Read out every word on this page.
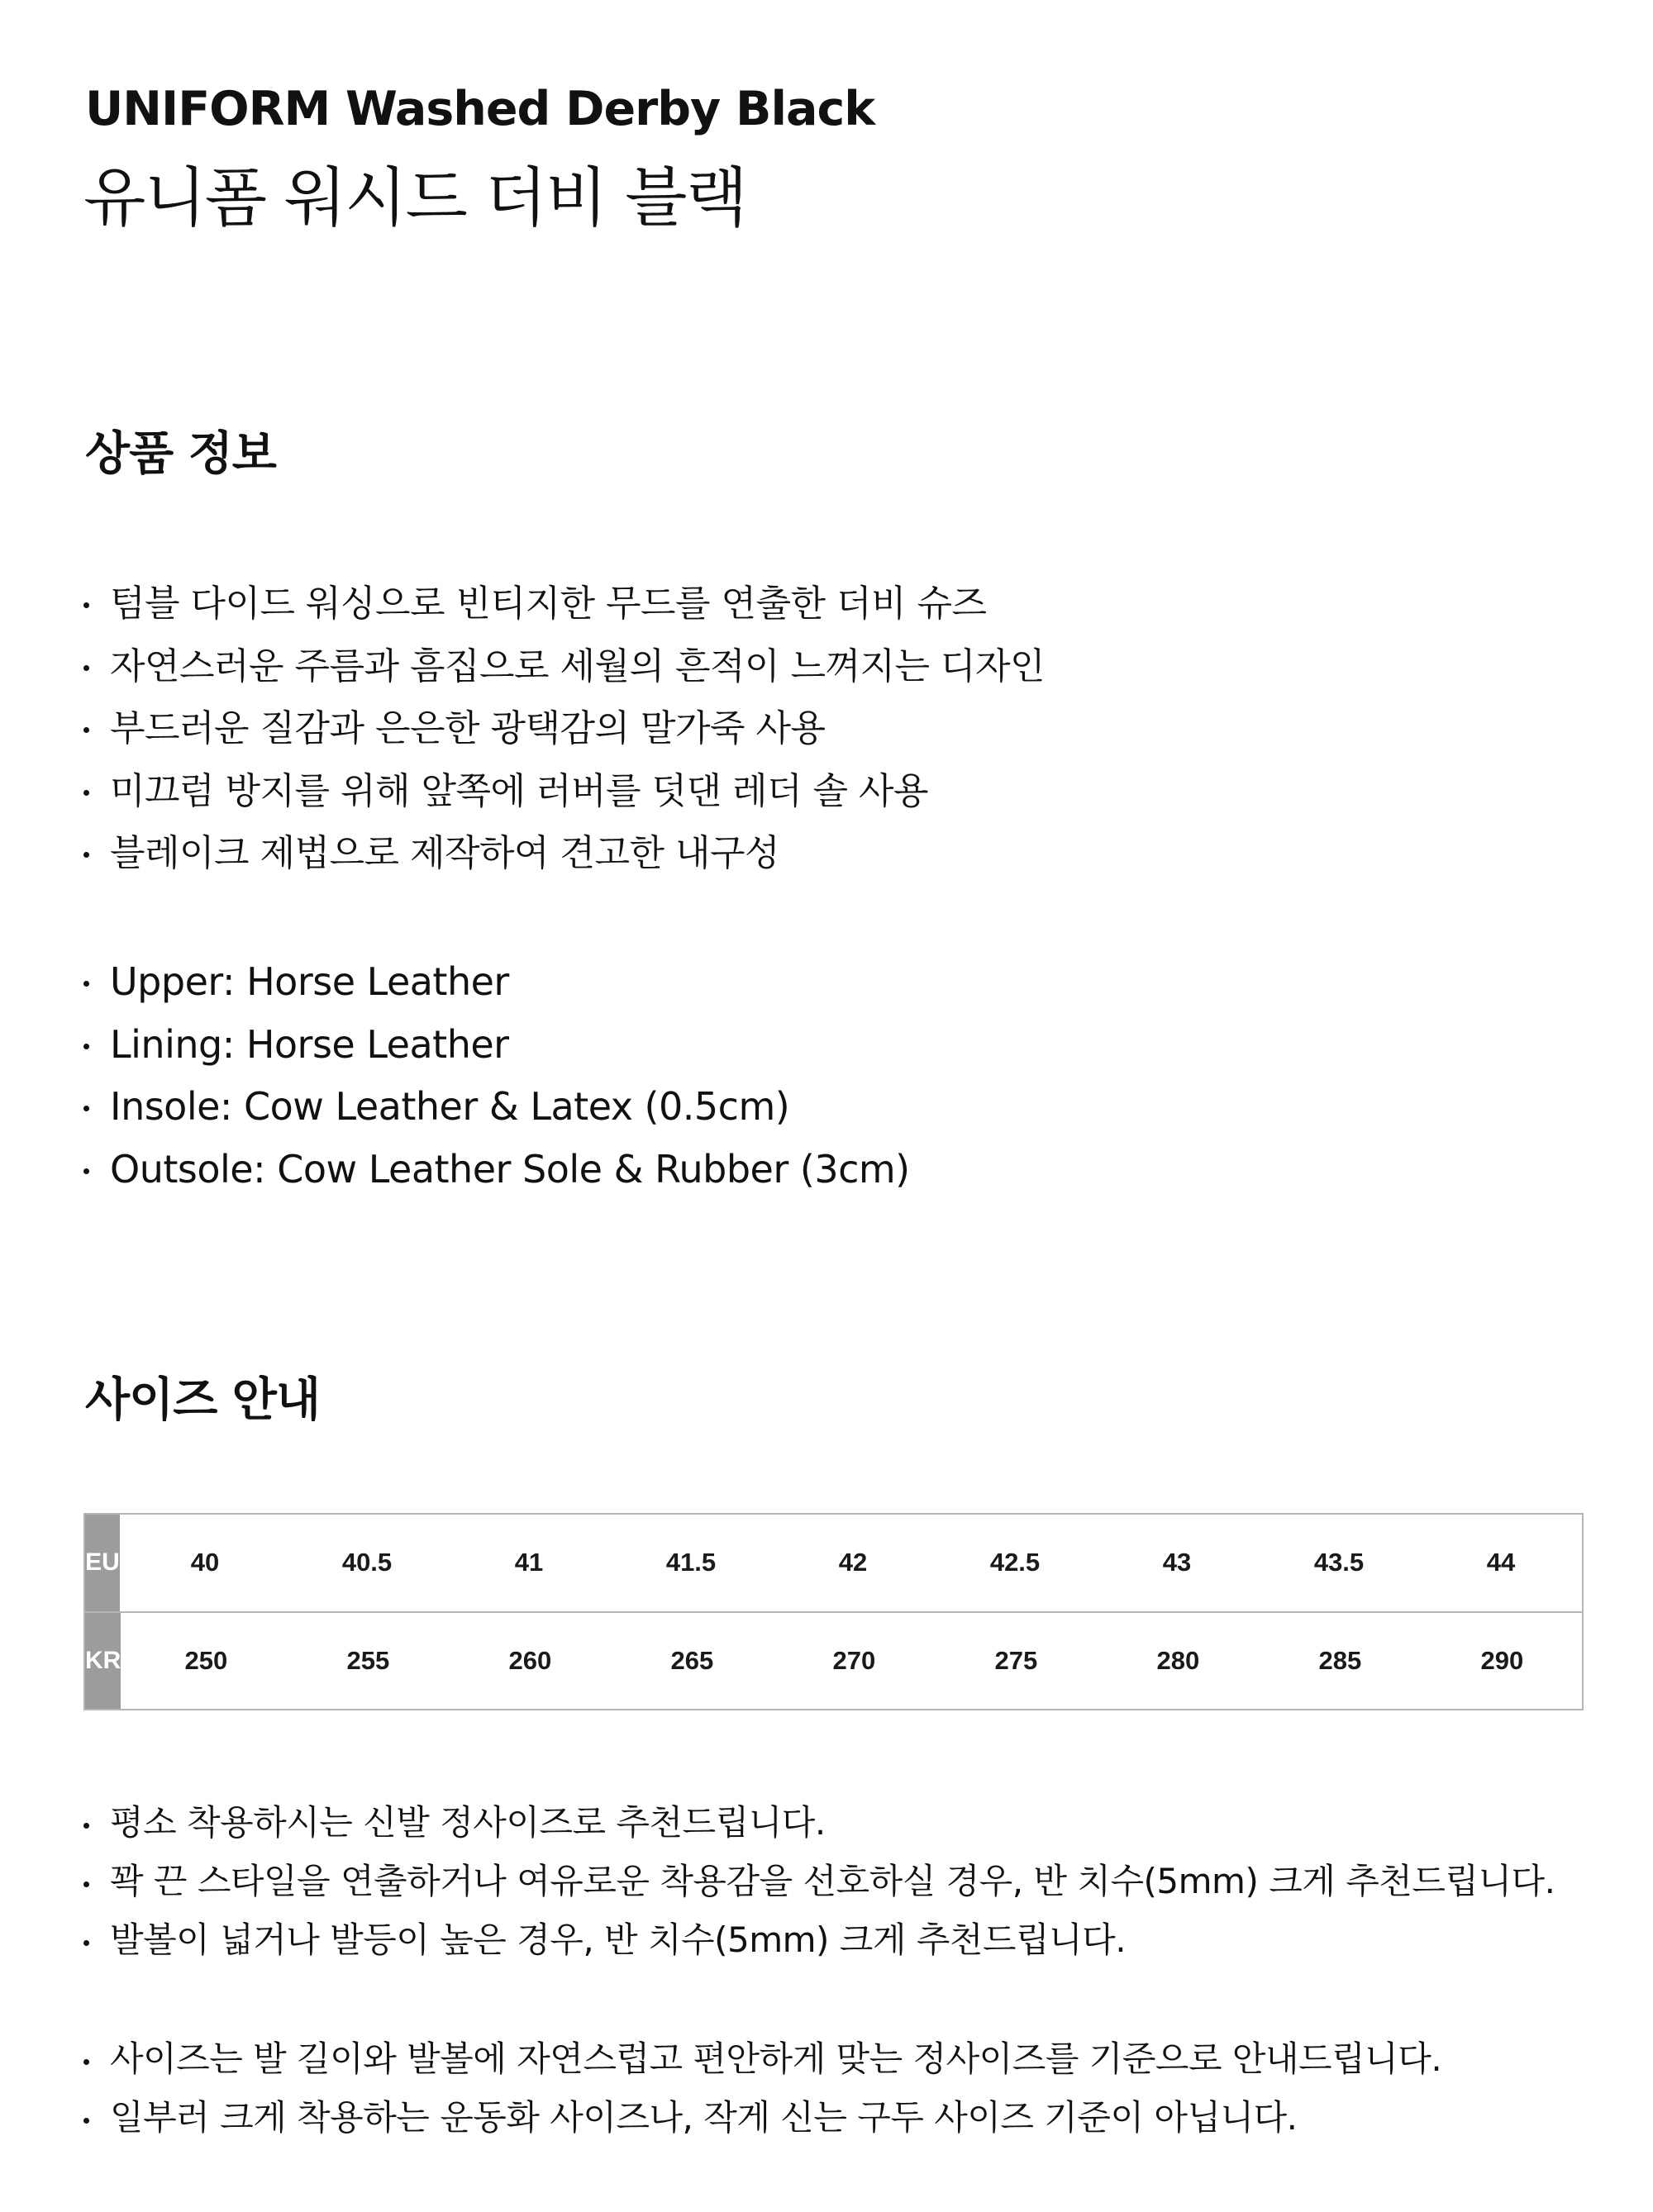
UNIFORM Washed Derby Black
유니폼 워시드 더비 블랙
상품 정보
텀블 다이드 워싱으로 빈티지한 무드를 연출한 더비 슈즈
자연스러운 주름과 흠집으로 세월의 흔적이 느껴지는 디자인
부드러운 질감과 은은한 광택감의 말가죽 사용
미끄럼 방지를 위해 앞쪽에 러버를 덧댄 레더 솔 사용
블레이크 제법으로 제작하여 견고한 내구성
Upper: Horse Leather
Lining: Horse Leather
Insole: Cow Leather & Latex (0.5cm)
Outsole: Cow Leather Sole & Rubber (3cm)
사이즈 안내
EU	40	40.5	41	41.5	42	42.5	43	43.5	44
KR	250	255	260	265	270	275	280	285	290
평소 착용하시는 신발 정사이즈로 추천드립니다.
꽉 끈 스타일을 연출하거나 여유로운 착용감을 선호하실 경우, 반 치수(5mm) 크게 추천드립니다.
발볼이 넓거나 발등이 높은 경우, 반 치수(5mm) 크게 추천드립니다.
사이즈는 발 길이와 발볼에 자연스럽고 편안하게 맞는 정사이즈를 기준으로 안내드립니다.
일부러 크게 착용하는 운동화 사이즈나, 작게 신는 구두 사이즈 기준이 아닙니다.
